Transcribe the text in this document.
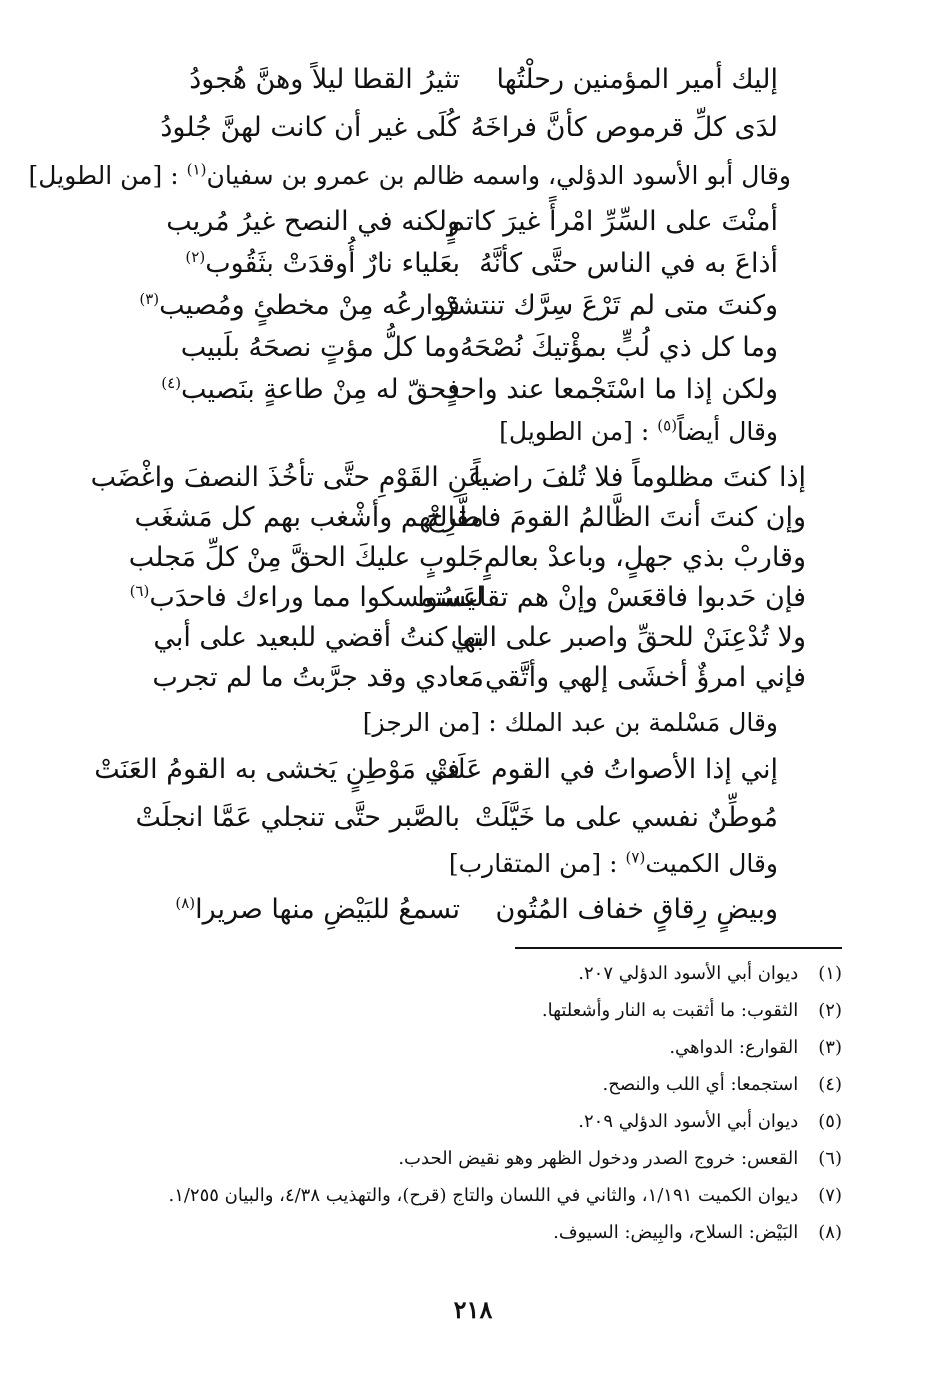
إليك أمير المؤمنين رحلْتُها
تثيرُ القطا ليلاً وهنَّ هُجودُ
لدَى كلِّ قرموص كأنَّ فراخَهُ
كُلَى غير أن كانت لهنَّ جُلودُ
وقال أبو الأسود الدؤلي، واسمه ظالم بن عمرو بن سفيان$^{(١)}$: [من الطويل]
أمنْتَ على السِّرِّ امْرأً غيرَ كاتمٍ
ولكنه في النصح غيرُ مُريب
أذاعَ به في الناس حتَّى كأنَّهُ
بعَلياء نارٌ أُوقدَتْ بثَقُوب$^{(٢)}$
وكنتَ متى لم تَرْعَ سِرَّك تنتشرْ
قوارعُه مِنْ مخطئٍ ومُصيب$^{(٣)}$
وما كل ذي لُبٍّ بمؤْتيكَ نُصْحَهُ
وما كلُّ مؤتٍ نصحَهُ بلَبيب
ولكن إذا ما اسْتَجْمعا عند واحدٍ
فحقّ له مِنْ طاعةٍ بنَصيب$^{(٤)}$
وقال أيضاً$^{(٥)}$: [من الطويل]
إذا كنتَ مظلوماً فلا تُلفَ راضياً
عَنِ القَوْمِ حتَّى تأخُذَ النصفَ واغْضَب
وإن كنتَ أنتَ الظَّالمُ القومَ فاطَّرِحْ
مقالتهم وأشْغب بهم كل مَشغَب
وقاربْ بذي جهلٍ، وباعدْ بعالمٍ
جَلوبٍ عليكَ الحقَّ مِنْ كلِّ مَجلب
فإن حَدبوا فاقعَسْ وإنْ هم تقاعَسُوا
ليستمسكوا مما وراءك فاحدَب$^{(٦)}$
ولا تُدْعِنَنْ للحقِّ واصبر على التي
بها كنتُ أقضي للبعيد على أبي
فإني امرؤٌ أخشَى إلهي وأتَّقي
مَعادي وقد جرَّبتُ ما لم تجرب
وقال مَسْلمة بن عبد الملك: [من الرجز]
إني إذا الأصواتُ في القوم عَلَتْ
في مَوْطِنٍ يَخشى به القومُ العَنَتْ
مُوطِّنٌ نفسي على ما خَيَّلَتْ
بالصَّبر حتَّى تنجلي عَمَّا انجلَتْ
وقال الكميت$^{(٧)}$: [من المتقارب]
وبيضٍ رِقاقٍ خفاف المُتُون
تسمعُ للبَيْضِ منها صريرا$^{(٨)}$
(١) ديوان أبي الأسود الدؤلي ٢٠٧.
(٢) الثقوب: ما أثقبت به النار وأشعلتها.
(٣) القوارع: الدواهي.
(٤) استجمعا: أي اللب والنصح.
(٥) ديوان أبي الأسود الدؤلي ٢٠٩.
(٦) القعس: خروج الصدر ودخول الظهر وهو نقيض الحدب.
(٧) ديوان الكميت ١/١٩١، والثاني في اللسان والتاج (قرح)، والتهذيب ٤/٣٨، والبيان ١/٢٥٥.
(٨) البَيْض: السلاح، والبِيض: السيوف.
٢١٨
